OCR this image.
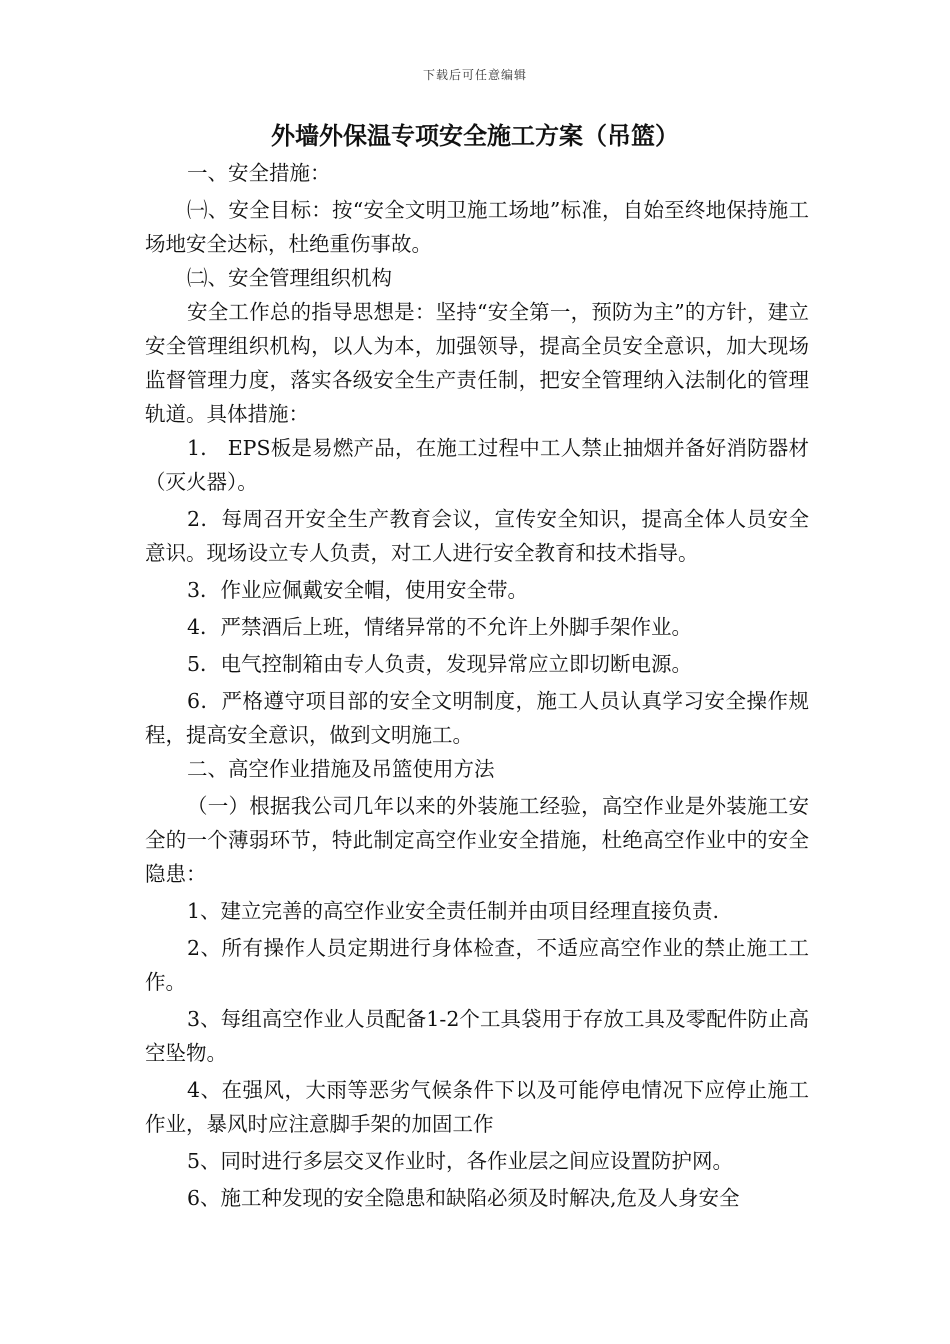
下载后可任意编辑
外墙外保温专项安全施工方案（吊篮）

一、安全措施：

㈠、安全目标：按“安全文明卫施工场地”标准，自始至终地保持施工场地安全达标，杜绝重伤事故。

㈡、安全管理组织机构

安全工作总的指导思想是：坚持“安全第一，预防为主”的方针，建立安全管理组织机构，以人为本，加强领导，提高全员安全意识，加大现场监督管理力度，落实各级安全生产责任制，把安全管理纳入法制化的管理轨道。具体措施：

1． EPS板是易燃产品，在施工过程中工人禁止抽烟并备好消防器材（灭火器）。

2．每周召开安全生产教育会议，宣传安全知识，提高全体人员安全意识。现场设立专人负责，对工人进行安全教育和技术指导。

3．作业应佩戴安全帽，使用安全带。

4．严禁酒后上班，情绪异常的不允许上外脚手架作业。

5．电气控制箱由专人负责，发现异常应立即切断电源。

6．严格遵守项目部的安全文明制度，施工人员认真学习安全操作规程，提高安全意识，做到文明施工。

二、高空作业措施及吊篮使用方法

（一）根据我公司几年以来的外装施工经验，高空作业是外装施工安全的一个薄弱环节，特此制定高空作业安全措施，杜绝高空作业中的安全隐患：

1、建立完善的高空作业安全责任制并由项目经理直接负责.

2、所有操作人员定期进行身体检查，不适应高空作业的禁止施工工作。

3、每组高空作业人员配备1-2个工具袋用于存放工具及零配件防止高空坠物。

4、在强风，大雨等恶劣气候条件下以及可能停电情况下应停止施工作业，暴风时应注意脚手架的加固工作

5、同时进行多层交叉作业时，各作业层之间应设置防护网。

6、施工种发现的安全隐患和缺陷必须及时解决,危及人身安全
